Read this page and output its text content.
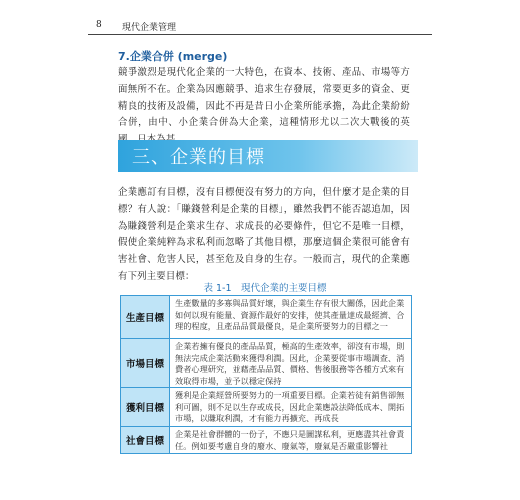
8 現代企業管理
7.企業合併 (merge)

競爭激烈是現代化企業的一大特色，在資本、技術、產品、市場等方面無所不在。企業為因應競爭、追求生存發展，常要更多的資金、更精良的技術及設備，因此不再是昔日小企業所能承擔，為此企業紛紛合併，由中、小企業合併為大企業，這種情形尤以二次大戰後的英

三、企業的目標

企業應訂有目標，沒有目標便沒有努力的方向，但什麼才是企業的目標？有人說：「賺錢營利是企業的目標」，雖然我們不能否認追加，因為賺錢營利是企業求生存、求成長的必要條件，但它不是唯一目標，假使企業純粹為求私利而忽略了其他目標，那麼這個企業很可能會有害社會、危害人民，甚至危及自身的生存。一般而言，現代的企業應有下列主要目標：

表 1-1　現代企業的主要目標
生產目標
生產數量的多寡與品質好壞，與企業生存有很大關係，因此企業如何以現有能量、資源作最好的安排，使其產量達成最經濟、合理的程度，且產品品質最優良，是企業所要努力的目標之一
市場目標
企業若擁有優良的產品品質，極高的生產效率，卻沒有市場，則無法完成企業活動來獲得利潤。因此，企業要從事市場調查、消費者心理研究，並藉產品品質、價格、售後服務等各種方式來有效取得市場，並予以穩定保持
獲利目標
獲利是企業經營所要努力的一項重要目標。企業若徒有銷售卻無利可圖，則不足以生存或成長，因此企業應設法降低成本、開拓市場，以賺取利潤，才有能力再擴充、再成長
社會目標
企業是社會群體的一份子，不應只是圖謀私利，更應盡其社會責任。例如要考慮自身的廢水、廢氣等，廢氣是否嚴重影響社
